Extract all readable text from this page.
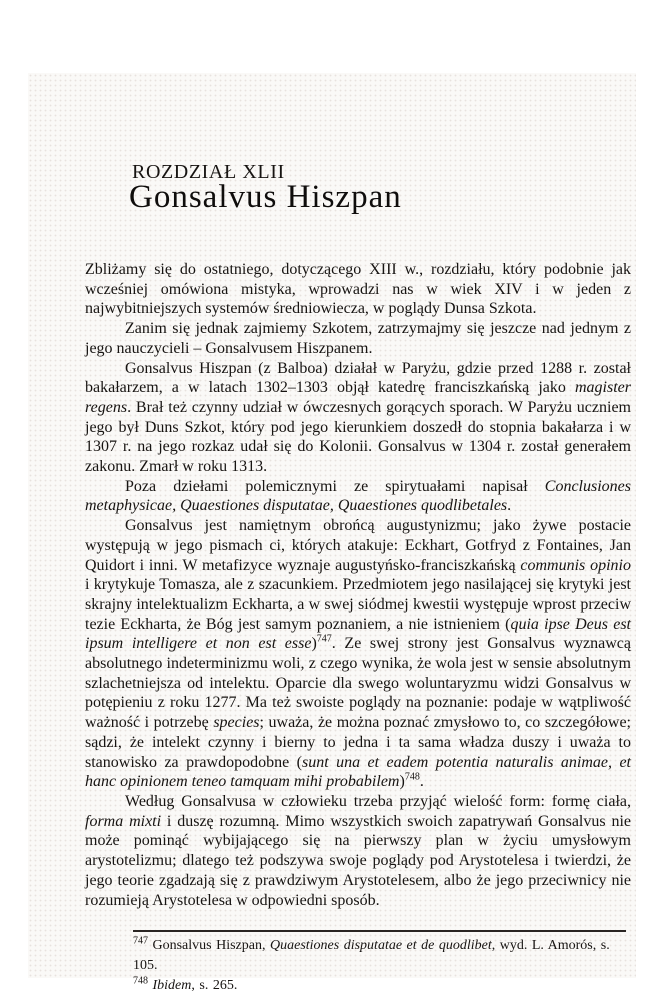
ROZDZIAŁ XLII
Gonsalvus Hiszpan

Zbliżamy się do ostatniego, dotyczącego XIII w., rozdziału, który podobnie jak wcześniej omówiona mistyka, wprowadzi nas w wiek XIV i w jeden z najwybitniejszych systemów średniowiecza, w poglądy Dunsa Szkota.

Zanim się jednak zajmiemy Szkotem, zatrzymajmy się jeszcze nad jednym z jego nauczycieli – Gonsalvusem Hiszpanem.

Gonsalvus Hiszpan (z Balboa) działał w Paryżu, gdzie przed 1288 r. został bakałarzem, a w latach 1302–1303 objął katedrę franciszkańską jako magister regens. Brał też czynny udział w ówczesnych gorących sporach. W Paryżu uczniem jego był Duns Szkot, który pod jego kierunkiem doszedł do stopnia bakałarza i w 1307 r. na jego rozkaz udał się do Kolonii. Gonsalvus w 1304 r. został generałem zakonu. Zmarł w roku 1313.

Poza dziełami polemicznymi ze spirytuałami napisał Conclusiones metaphysicae, Quaestiones disputatae, Quaestiones quodlibetales.

Gonsalvus jest namiętnym obrońcą augustynizmu; jako żywe postacie występują w jego pismach ci, których atakuje: Eckhart, Gotfryd z Fontaines, Jan Quidort i inni. W metafizyce wyznaje augustyńsko-franciszkańską communis opinio i krytykuje Tomasza, ale z szacunkiem. Przedmiotem jego nasilającej się krytyki jest skrajny intelektualizm Eckharta, a w swej siódmej kwestii występuje wprost przeciw tezie Eckharta, że Bóg jest samym poznaniem, a nie istnieniem (quia ipse Deus est ipsum intelligere et non est esse)$^{747}$. Ze swej strony jest Gonsalvus wyznawcą absolutnego indeterminizmu woli, z czego wynika, że wola jest w sensie absolutnym szlachetniejsza od intelektu. Oparcie dla swego woluntaryzmu widzi Gonsalvus w potępieniu z roku 1277. Ma też swoiste poglądy na poznanie: podaje w wątpliwość ważność i potrzebę species; uważa, że można poznać zmysłowo to, co szczegółowe; sądzi, że intelekt czynny i bierny to jedna i ta sama władza duszy i uważa to stanowisko za prawdopodobne (sunt una et eadem potentia naturalis animae, et hanc opinionem teneo tamquam mihi probabilem)$^{748}$.

Według Gonsalvusa w człowieku trzeba przyjąć wielość form: formę ciała, forma mixti i duszę rozumną. Mimo wszystkich swoich zapatrywań Gonsalvus nie może pominąć wybijającego się na pierwszy plan w życiu umysłowym arystotelizmu; dlatego też podszywa swoje poglądy pod Arystotelesa i twierdzi, że jego teorie zgadzają się z prawdziwym Arystotelesem, albo że jego przeciwnicy nie rozumieją Arystotelesa w odpowiedni sposób.

$^{747}$ Gonsalvus Hiszpan, Quaestiones disputatae et de quodlibet, wyd. L. Amorós, s. 105.
$^{748}$ Ibidem, s. 265.
